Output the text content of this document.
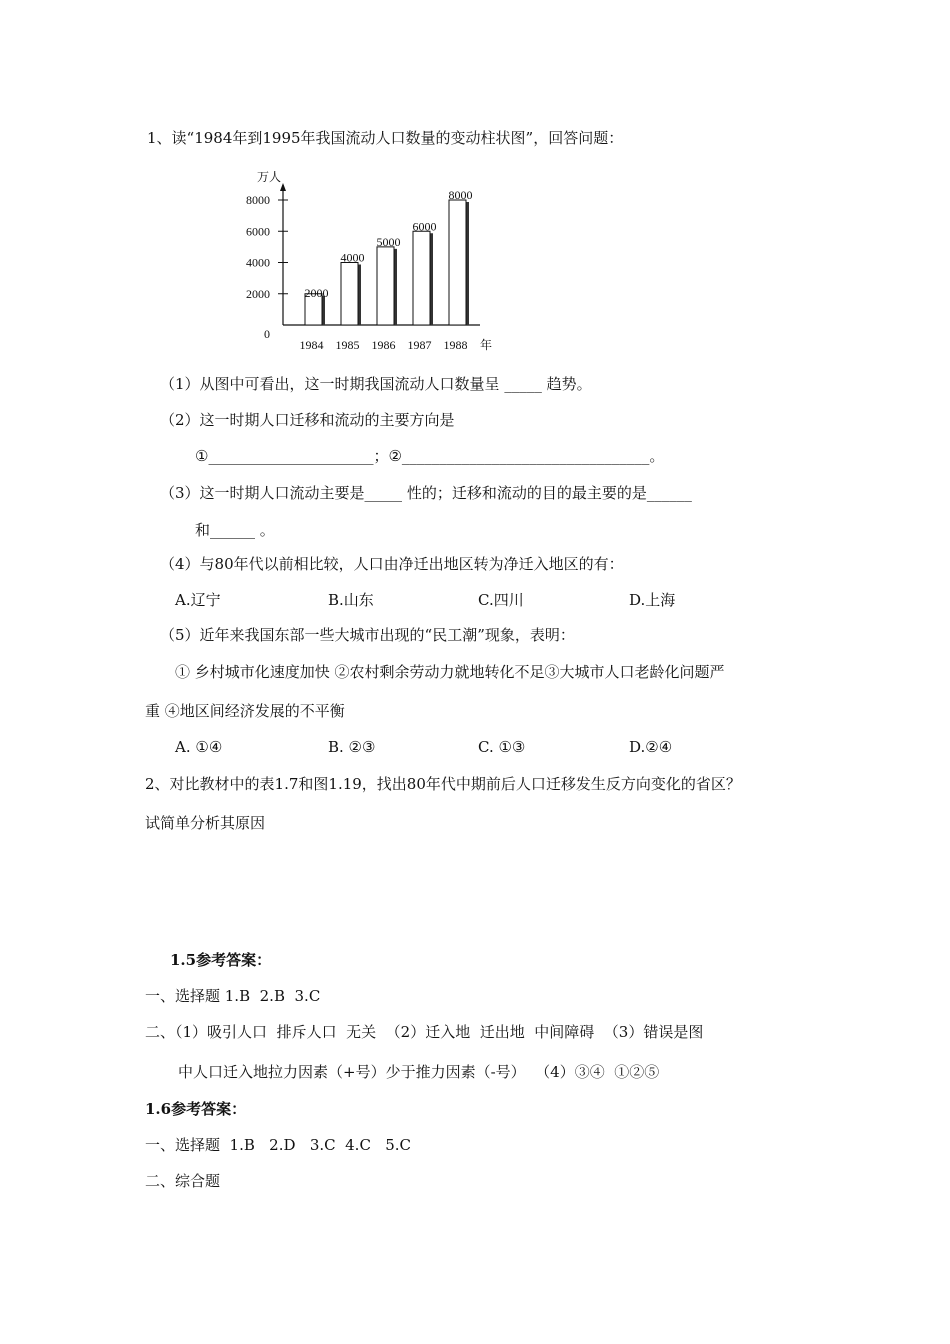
1、读“1984年到1995年我国流动人口数量的变动柱状图”，回答问题：
0
2000
4000
6000
8000
万人
2000
1984
4000
1985
5000
1986
6000
1987
8000
1988 年
（1）从图中可看出，这一时期我国流动人口数量呈 _____ 趋势。
（2）这一时期人口迁移和流动的主要方向是
①______________________；②_________________________________。
（3）这一时期人口流动主要是_____ 性的；迁移和流动的目的最主要的是______
和______ 。
（4）与80年代以前相比较，人口由净迁出地区转为净迁入地区的有：
A.辽宁	B.山东	C.四川	D.上海
（5）近年来我国东部一些大城市出现的“民工潮”现象，表明：
① 乡村城市化速度加快 ②农村剩余劳动力就地转化不足③大城市人口老龄化问题严
重 ④地区间经济发展的不平衡
A. ①④	B. ②③	C. ①③	D.②④
2、对比教材中的表1.7和图1.19，找出80年代中期前后人口迁移发生反方向变化的省区？
试简单分析其原因
1.5参考答案：
一、选择题 1.B  2.B  3.C
二、（1）吸引人口  排斥人口  无关  （2）迁入地  迁出地  中间障碍  （3）错误是图
中人口迁入地拉力因素（+号）少于推力因素（-号）  （4）③④  ①②⑤
1.6参考答案：
一、选择题  1.B   2.D   3.C  4.C   5.C
二、综合题
